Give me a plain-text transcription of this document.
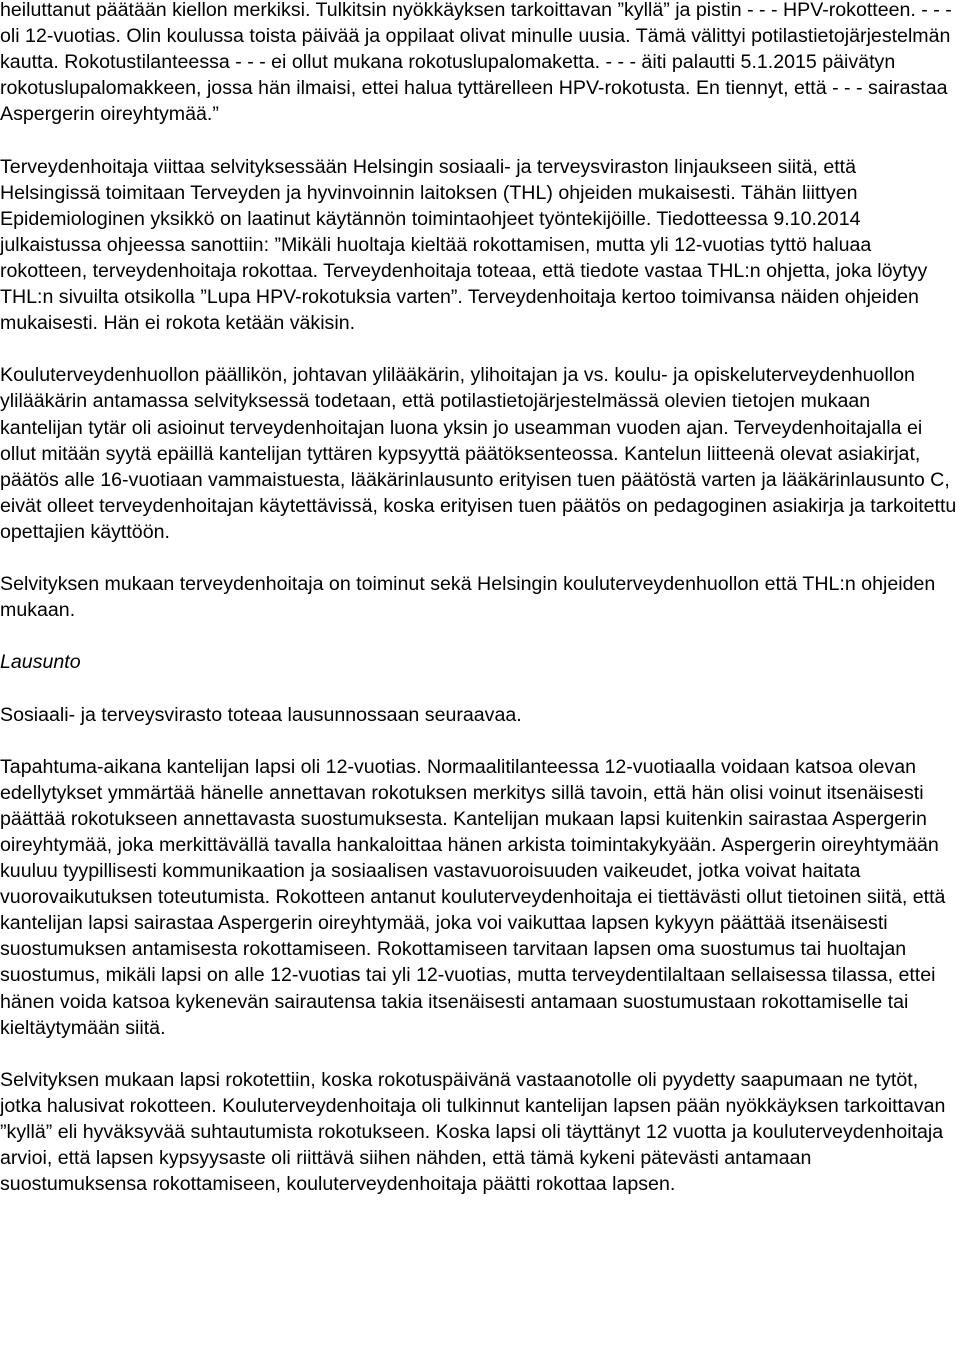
heiluttanut päätään kiellon merkiksi. Tulkitsin nyökkäyksen tarkoittavan ”kyllä” ja pistin - - - HPV-rokotteen. - - - oli 12-vuotias. Olin koulussa toista päivää ja oppilaat olivat minulle uusia. Tämä välittyi potilastietojärjestelmän kautta. Rokotustilanteessa - - - ei ollut mukana rokotuslupalomaketta. - - - äiti palautti 5.1.2015 päivätyn rokotuslupalomakkeen, jossa hän ilmaisi, ettei halua tyttärelleen HPV-rokotusta. En tiennyt, että - - - sairastaa Aspergerin oireyhtymää.”

Terveydenhoitaja viittaa selvityksessään Helsingin sosiaali- ja terveysviraston linjaukseen siitä, että Helsingissä toimitaan Terveyden ja hyvinvoinnin laitoksen (THL) ohjeiden mukaisesti. Tähän liittyen Epidemiologinen yksikkö on laatinut käytännön toimintaohjeet työntekijöille. Tiedotteessa 9.10.2014 julkaistussa ohjeessa sanottiin: ”Mikäli huoltaja kieltää rokottamisen, mutta yli 12-vuotias tyttö haluaa rokotteen, terveydenhoitaja rokottaa. Terveydenhoitaja toteaa, että tiedote vastaa THL:n ohjetta, joka löytyy THL:n sivuilta otsikolla ”Lupa HPV-rokotuksia varten”. Terveydenhoitaja kertoo toimivansa näiden ohjeiden mukaisesti. Hän ei rokota ketään väkisin.

Kouluterveydenhuollon päällikön, johtavan ylilääkärin, ylihoitajan ja vs. koulu- ja opiskeluterveydenhuollon ylilääkärin antamassa selvityksessä todetaan, että potilastietojärjestelmässä olevien tietojen mukaan kantelijan tytär oli asioinut terveydenhoitajan luona yksin jo useamman vuoden ajan. Terveydenhoitajalla ei ollut mitään syytä epäillä kantelijan tyttären kypsyyttä päätöksenteossa. Kantelun liitteenä olevat asiakirjat, päätös alle 16-vuotiaan vammaistuesta, lääkärinlausunto erityisen tuen päätöstä varten ja lääkärinlausunto C, eivät olleet terveydenhoitajan käytettävissä, koska erityisen tuen päätös on pedagoginen asiakirja ja tarkoitettu opettajien käyttöön.

Selvityksen mukaan terveydenhoitaja on toiminut sekä Helsingin kouluterveydenhuollon että THL:n ohjeiden mukaan.

Lausunto

Sosiaali- ja terveysvirasto toteaa lausunnossaan seuraavaa.

Tapahtuma-aikana kantelijan lapsi oli 12-vuotias. Normaalitilanteessa 12-vuotiaalla voidaan katsoa olevan edellytykset ymmärtää hänelle annettavan rokotuksen merkitys sillä tavoin, että hän olisi voinut itsenäisesti päättää rokotukseen annettavasta suostumuksesta. Kantelijan mukaan lapsi kuitenkin sairastaa Aspergerin oireyhtymää, joka merkittävällä tavalla hankaloittaa hänen arkista toimintakykyään. Aspergerin oireyhtymään kuuluu tyypillisesti kommunikaation ja sosiaalisen vastavuoroisuuden vaikeudet, jotka voivat haitata vuorovaikutuksen toteutumista. Rokotteen antanut kouluterveydenhoitaja ei tiettävästi ollut tietoinen siitä, että kantelijan lapsi sairastaa Aspergerin oireyhtymää, joka voi vaikuttaa lapsen kykyyn päättää itsenäisesti suostumuksen antamisesta rokottamiseen. Rokottamiseen tarvitaan lapsen oma suostumus tai huoltajan suostumus, mikäli lapsi on alle 12-vuotias tai yli 12-vuotias, mutta terveydentilaltaan sellaisessa tilassa, ettei hänen voida katsoa kykenevän sairautensa takia itsenäisesti antamaan suostumustaan rokottamiselle tai kieltäytymään siitä.

Selvityksen mukaan lapsi rokotettiin, koska rokotuspäivänä vastaanotolle oli pyydetty saapumaan ne tytöt, jotka halusivat rokotteen. Kouluterveydenhoitaja oli tulkinnut kantelijan lapsen pään nyökkäyksen tarkoittavan ”kyllä” eli hyväksyvää suhtautumista rokotukseen. Koska lapsi oli täyttänyt 12 vuotta ja kouluterveydenhoitaja arvioi, että lapsen kypsyysaste oli riittävä siihen nähden, että tämä kykeni pätevästi antamaan suostumuksensa rokottamiseen, kouluterveydenhoitaja päätti rokottaa lapsen.
